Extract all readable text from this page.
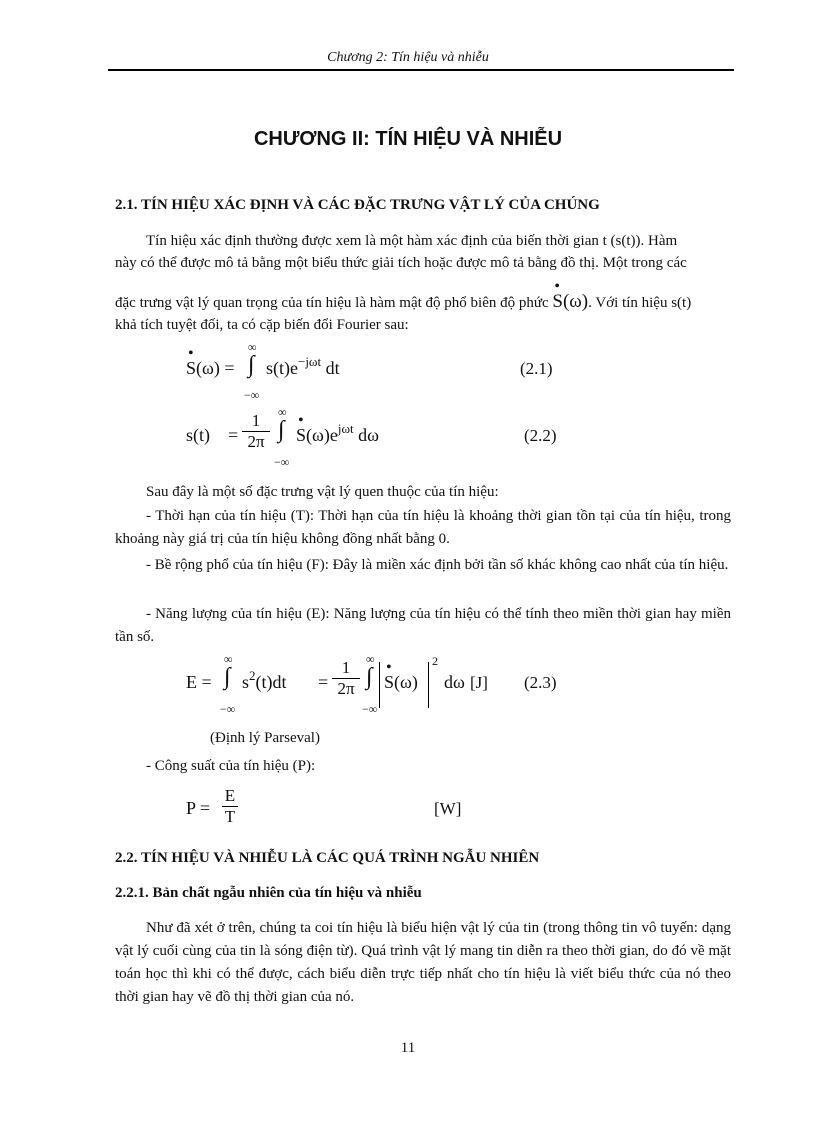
Chương 2: Tín hiệu và nhiễu
CHƯƠNG II: TÍN HIỆU VÀ NHIỄU
2.1. TÍN HIỆU XÁC ĐỊNH VÀ CÁC ĐẶC TRƯNG VẬT LÝ CỦA CHÚNG
Tín hiệu xác định thường được xem là một hàm xác định của biến thời gian t (s(t)). Hàm
này có thể được mô tả bằng một biểu thức giải tích hoặc được mô tả bằng đồ thị. Một trong các
đặc trưng vật lý quan trọng của tín hiệu là hàm mật độ phổ biên độ phức
•
S(ω). Với tín hiệu s(t)
khả tích tuyệt đối, ta có cặp biến đổi Fourier sau:
•
S(ω) =
∞
∫
−∞
$s(t)e^{-j\omega t}$ dt	(2.1)
$s(t) = \frac{1}{2\pi}$ ∞
∫
−∞
•
$S(\omega)e^{j\omega t}$ dω	(2.2)
Sau đây là một số đặc trưng vật lý quen thuộc của tín hiệu:
- Thời hạn của tín hiệu (T): Thời hạn của tín hiệu là khoảng thời gian tồn tại của tín hiệu, trong khoảng này giá trị của tín hiệu không đồng nhất bằng 0.
- Bề rộng phổ của tín hiệu (F): Đây là miền xác định bởi tần số khác không cao nhất của tín hiệu.
- Năng lượng của tín hiệu (E): Năng lượng của tín hiệu có thể tính theo miền thời gian hay miền tần số.
E =
∞
∫
−∞
$s^2(t)dt = \frac{1}{2\pi}$ ∞
∫
−∞
•
S(ω)
2
dω [J] (2.3)
(Định lý Parseval)
- Công suất của tín hiệu (P):
$P = \frac{E}{T}$	[W]
2.2. TÍN HIỆU VÀ NHIỄU LÀ CÁC QUÁ TRÌNH NGẪU NHIÊN
2.2.1. Bản chất ngẫu nhiên của tín hiệu và nhiễu
Như đã xét ở trên, chúng ta coi tín hiệu là biểu hiện vật lý của tin (trong thông tin vô tuyến: dạng vật lý cuối cùng của tin là sóng điện từ). Quá trình vật lý mang tin diễn ra theo thời gian, do đó về mặt toán học thì khi có thể được, cách biểu diễn trực tiếp nhất cho tín hiệu là viết biểu thức của nó theo thời gian hay vẽ đồ thị thời gian của nó.
11
